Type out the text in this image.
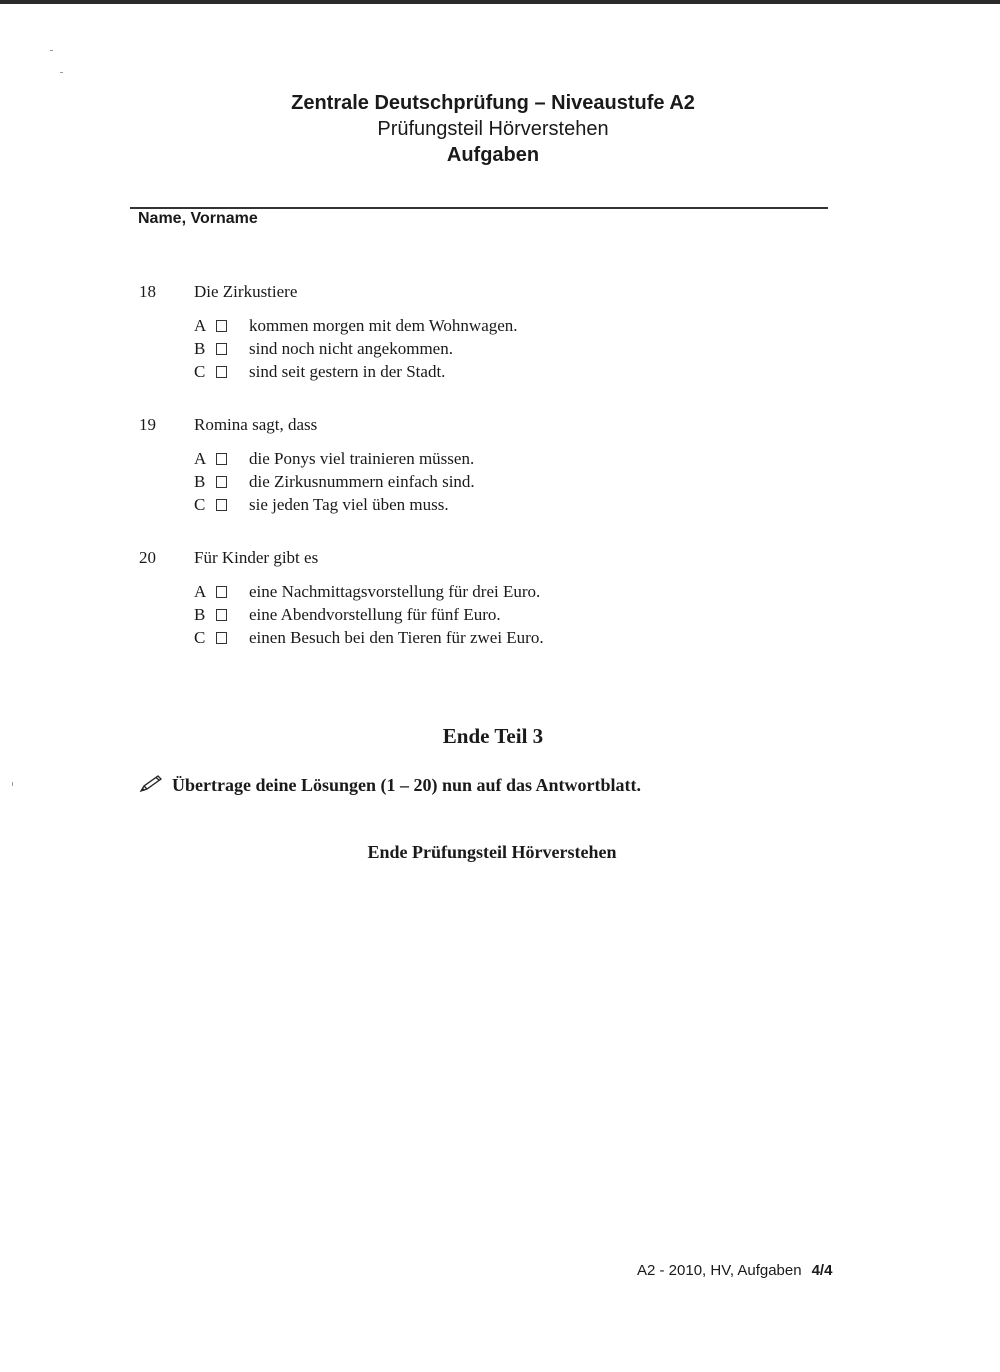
Zentrale Deutschprüfung – Niveaustufe A2
Prüfungsteil Hörverstehen
Aufgaben
Name, Vorname
18 Die Zirkustiere
A	kommen morgen mit dem Wohnwagen.
B	sind noch nicht angekommen.
C	sind seit gestern in der Stadt.
19 Romina sagt, dass
A	die Ponys viel trainieren müssen.
B	die Zirkusnummern einfach sind.
C	sie jeden Tag viel üben muss.
20 Für Kinder gibt es
A	eine Nachmittagsvorstellung für drei Euro.
B	eine Abendvorstellung für fünf Euro.
C	einen Besuch bei den Tieren für zwei Euro.
Ende Teil 3
Übertrage deine Lösungen (1 – 20) nun auf das Antwortblatt.
Ende Prüfungsteil Hörverstehen
A2 - 2010, HV, Aufgaben 4/4
